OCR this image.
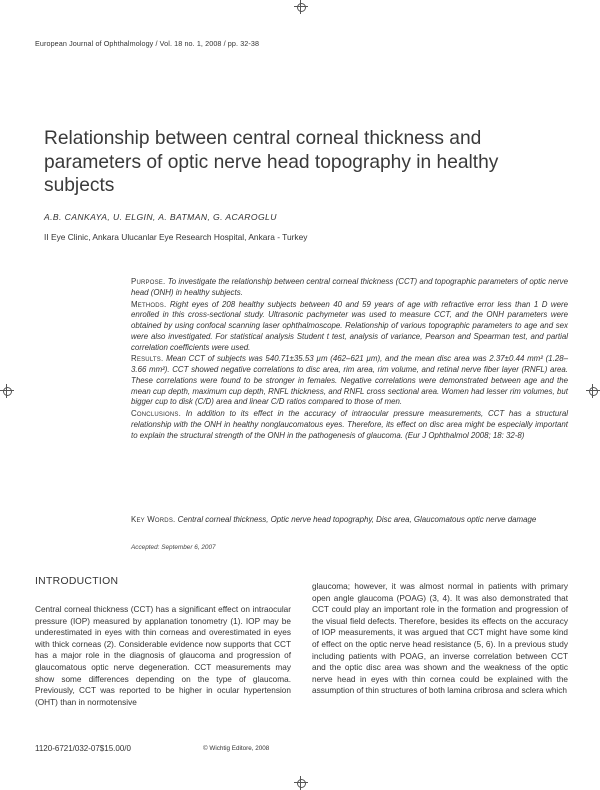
European Journal of Ophthalmology / Vol. 18 no. 1, 2008 / pp. 32-38
Relationship between central corneal thickness and parameters of optic nerve head topography in healthy subjects
A.B. CANKAYA, U. ELGIN, A. BATMAN, G. ACAROGLU
II Eye Clinic, Ankara Ulucanlar Eye Research Hospital, Ankara - Turkey

Purpose. To investigate the relationship between central corneal thickness (CCT) and topographic parameters of optic nerve head (ONH) in healthy subjects.

Methods. Right eyes of 208 healthy subjects between 40 and 59 years of age with refractive error less than 1 D were enrolled in this cross-sectional study. Ultrasonic pachymeter was used to measure CCT, and the ONH parameters were obtained by using confocal scanning laser ophthalmoscope. Relationship of various topographic parameters to age and sex were also investigated. For statistical analysis Student t test, analysis of variance, Pearson and Spearman test, and partial correlation coefficients were used.

Results. Mean CCT of subjects was 540.71±35.53 µm (462–621 µm), and the mean disc area was 2.37±0.44 mm² (1.28–3.66 mm²). CCT showed negative correlations to disc area, rim area, rim volume, and retinal nerve fiber layer (RNFL) area. These correlations were found to be stronger in females. Negative correlations were demonstrated between age and the mean cup depth, maximum cup depth, RNFL thickness, and RNFL cross sectional area. Women had lesser rim volumes, but bigger cup to disk (C/D) area and linear C/D ratios compared to those of men.

Conclusions. In addition to its effect in the accuracy of intraocular pressure measurements, CCT has a structural relationship with the ONH in healthy nonglaucomatous eyes. Therefore, its effect on disc area might be especially important to explain the structural strength of the ONH in the pathogenesis of glaucoma. (Eur J Ophthalmol 2008; 18: 32-8)

Key Words. Central corneal thickness, Optic nerve head topography, Disc area, Glaucomatous optic nerve damage
Accepted: September 6, 2007
INTRODUCTION
Central corneal thickness (CCT) has a significant effect on intraocular pressure (IOP) measured by applanation tonometry (1). IOP may be underestimated in eyes with thin corneas and overestimated in eyes with thick corneas (2). Considerable evidence now supports that CCT has a major role in the diagnosis of glaucoma and progression of glaucomatous optic nerve degeneration. CCT measurements may show some differences depending on the type of glaucoma. Previously, CCT was reported to be higher in ocular hypertension (OHT) than in normotensive
glaucoma; however, it was almost normal in patients with primary open angle glaucoma (POAG) (3, 4). It was also demonstrated that CCT could play an important role in the formation and progression of the visual field defects. Therefore, besides its effects on the accuracy of IOP measurements, it was argued that CCT might have some kind of effect on the optic nerve head resistance (5, 6). In a previous study including patients with POAG, an inverse correlation between CCT and the optic disc area was shown and the weakness of the optic nerve head in eyes with thin cornea could be explained with the assumption of thin structures of both lamina cribrosa and sclera which
1120-6721/032-07$15.00/0	© Wichtig Editore, 2008
